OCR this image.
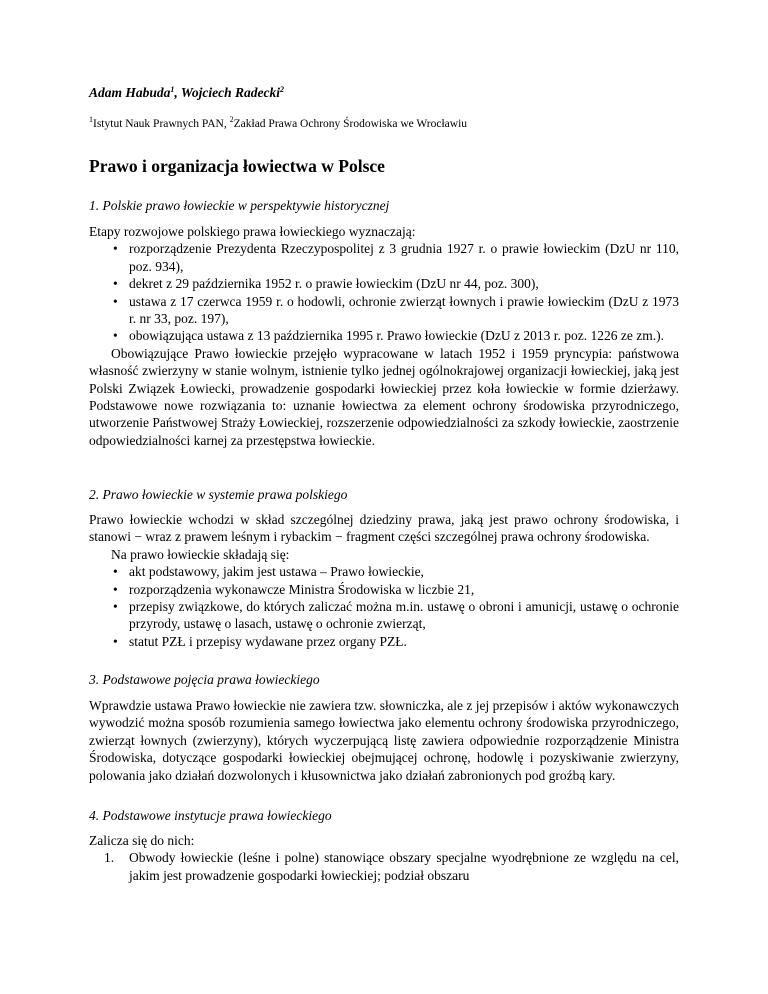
Adam Habuda$^1$, Wojciech Radecki$^2$
$^1$Istytut Nauk Prawnych PAN, $^2$Zakład Prawa Ochrony Środowiska we Wrocławiu
Prawo i organizacja łowiectwa w Polsce
1. Polskie prawo łowieckie w perspektywie historycznej

Etapy rozwojowe polskiego prawa łowieckiego wyznaczają:

• rozporządzenie Prezydenta Rzeczypospolitej z 3 grudnia 1927 r. o prawie łowieckim (DzU nr 110, poz. 934),
• dekret z 29 października 1952 r. o prawie łowieckim (DzU nr 44, poz. 300),
• ustawa z 17 czerwca 1959 r. o hodowli, ochronie zwierząt łownych i prawie łowieckim (DzU z 1973 r. nr 33, poz. 197),
• obowiązująca ustawa z 13 października 1995 r. Prawo łowieckie (DzU z 2013 r. poz. 1226 ze zm.).

Obowiązujące Prawo łowieckie przejęło wypracowane w latach 1952 i 1959 pryncypia: państwowa własność zwierzyny w stanie wolnym, istnienie tylko jednej ogólnokrajowej organizacji łowieckiej, jaką jest Polski Związek Łowiecki, prowadzenie gospodarki łowieckiej przez koła łowieckie w formie dzierżawy. Podstawowe nowe rozwiązania to: uznanie łowiectwa za element ochrony środowiska przyrodniczego, utworzenie Państwowej Straży Łowieckiej, rozszerzenie odpowiedzialności za szkody łowieckie, zaostrzenie odpowiedzialności karnej za przestępstwa łowieckie.

2. Prawo łowieckie w systemie prawa polskiego

Prawo łowieckie wchodzi w skład szczególnej dziedziny prawa, jaką jest prawo ochrony środowiska, i stanowi − wraz z prawem leśnym i rybackim − fragment części szczególnej prawa ochrony środowiska.

Na prawo łowieckie składają się:

• akt podstawowy, jakim jest ustawa – Prawo łowieckie,
• rozporządzenia wykonawcze Ministra Środowiska w liczbie 21,
• przepisy związkowe, do których zaliczać można m.in. ustawę o obroni i amunicji, ustawę o ochronie przyrody, ustawę o lasach, ustawę o ochronie zwierząt,
• statut PZŁ i przepisy wydawane przez organy PZŁ.
3. Podstawowe pojęcia prawa łowieckiego

Wprawdzie ustawa Prawo łowieckie nie zawiera tzw. słowniczka, ale z jej przepisów i aktów wykonawczych wywodzić można sposób rozumienia samego łowiectwa jako elementu ochrony środowiska przyrodniczego, zwierząt łownych (zwierzyny), których wyczerpującą listę zawiera odpowiednie rozporządzenie Ministra Środowiska, dotyczące gospodarki łowieckiej obejmującej ochronę, hodowlę i pozyskiwanie zwierzyny, polowania jako działań dozwolonych i kłusownictwa jako działań zabronionych pod groźbą kary.

4. Podstawowe instytucje prawa łowieckiego

Zalicza się do nich:

1. Obwody łowieckie (leśne i polne) stanowiące obszary specjalne wyodrębnione ze względu na cel, jakim jest prowadzenie gospodarki łowieckiej; podział obszaru
